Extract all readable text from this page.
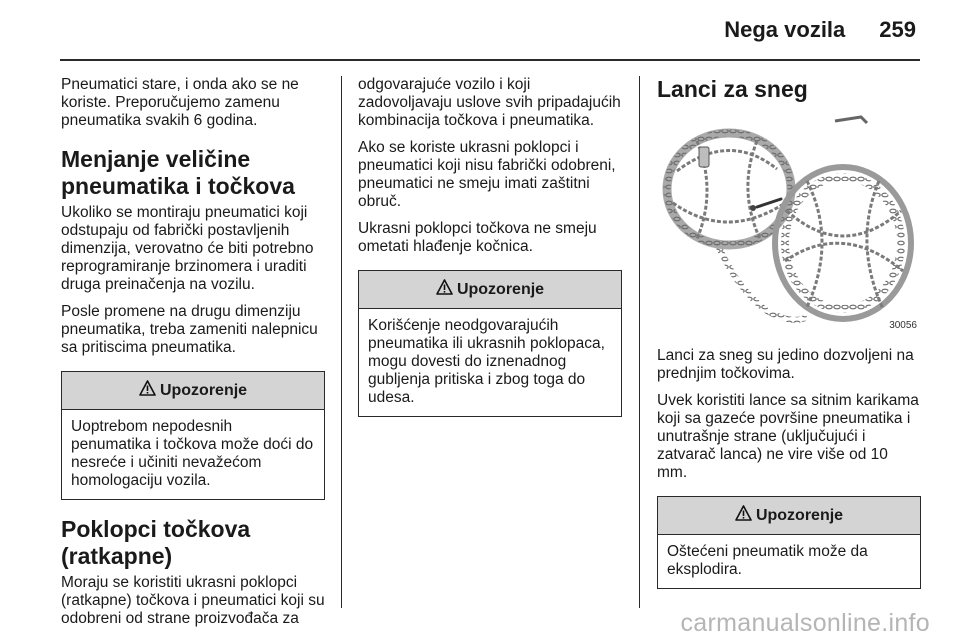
Nega vozila 259

Pneumatici stare, i onda ako se ne koriste. Preporučujemo zamenu pneumatika svakih 6 godina.

Menjanje veličine pneumatika i točkova

Ukoliko se montiraju pneumatici koji odstupaju od fabrički postavljenih dimenzija, verovatno će biti potrebno reprogramiranje brzinomera i uraditi druga preinačenja na vozilu.

Posle promene na drugu dimenziju pneumatika, treba zameniti nalepnicu sa pritiscima pneumatika.

Upozorenje
Uoptrebom nepodesnih penumatika i točkova može doći do nesreće i učiniti nevažećom homologaciju vozila.
Poklopci točkova (ratkapne)

Moraju se koristiti ukrasni poklopci (ratkapne) točkova i pneumatici koji su odobreni od strane proizvođača za

odgovarajuće vozilo i koji zadovoljavaju uslove svih pripadajućih kombinacija točkova i pneumatika.

Ako se koriste ukrasni poklopci i pneumatici koji nisu fabrički odobreni, pneumatici ne smeju imati zaštitni obruč.

Ukrasni poklopci točkova ne smeju ometati hlađenje kočnica.

Upozorenje
Korišćenje neodgovarajućih pneumatika ili ukrasnih poklopaca, mogu dovesti do iznenadnog gubljenja pritiska i zbog toga do udesa.
Lanci za sneg
30056

Lanci za sneg su jedino dozvoljeni na prednjim točkovima.

Uvek koristiti lance sa sitnim karikama koji sa gazeće površine pneumatika i unutrašnje strane (uključujući i zatvarač lanca) ne vire više od 10 mm.

Upozorenje
Oštećeni pneumatik može da eksplodira.
carmanualsonline.info
